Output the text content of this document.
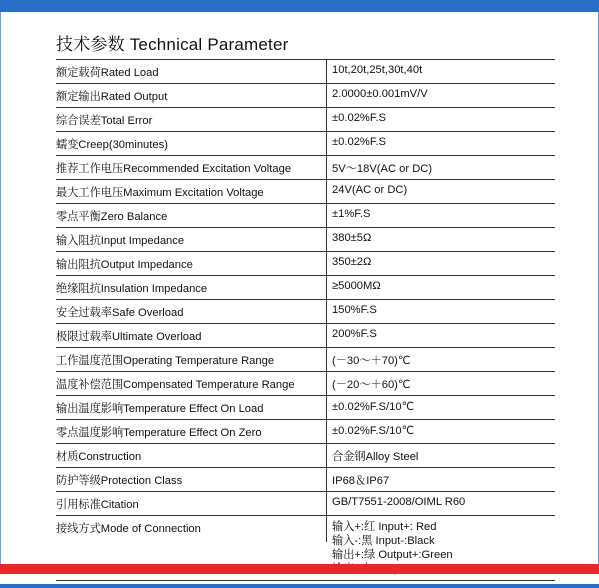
技术参数 Technical Parameter
额定载荷Rated Load	10t,20t,25t,30t,40t
额定输出Rated Output	2.0000±0.001mV/V
综合误差Total Error	±0.02%F.S
蠕变Creep(30minutes)	±0.02%F.S
推荐工作电压Recommended Excitation Voltage	5V～18V(AC or DC)
最大工作电压Maximum Excitation Voltage	24V(AC or DC)
零点平衡Zero Balance	±1%F.S
输入阻抗Input Impedance	380±5Ω
输出阻抗Output Impedance	350±2Ω
绝缘阻抗Insulation Impedance	≥5000MΩ
安全过载率Safe Overload	150%F.S
极限过载率Ultimate Overload	200%F.S
工作温度范围Operating Temperature Range	(－30～＋70)℃
温度补偿范围Compensated Temperature Range	(－20～＋60)℃
输出温度影响Temperature Effect On Load	±0.02%F.S/10℃
零点温度影响Temperature Effect On Zero	±0.02%F.S/10℃
材质Construction	合金钢Alloy Steel
防护等级Protection Class	IP68＆IP67
引用标准Citation	GB/T7551-2008/OIML R60
接线方式Mode of Connection	输入+:红 Input+: Red
输入-:黑 Input-:Black
输出+:绿 Output+:Green
